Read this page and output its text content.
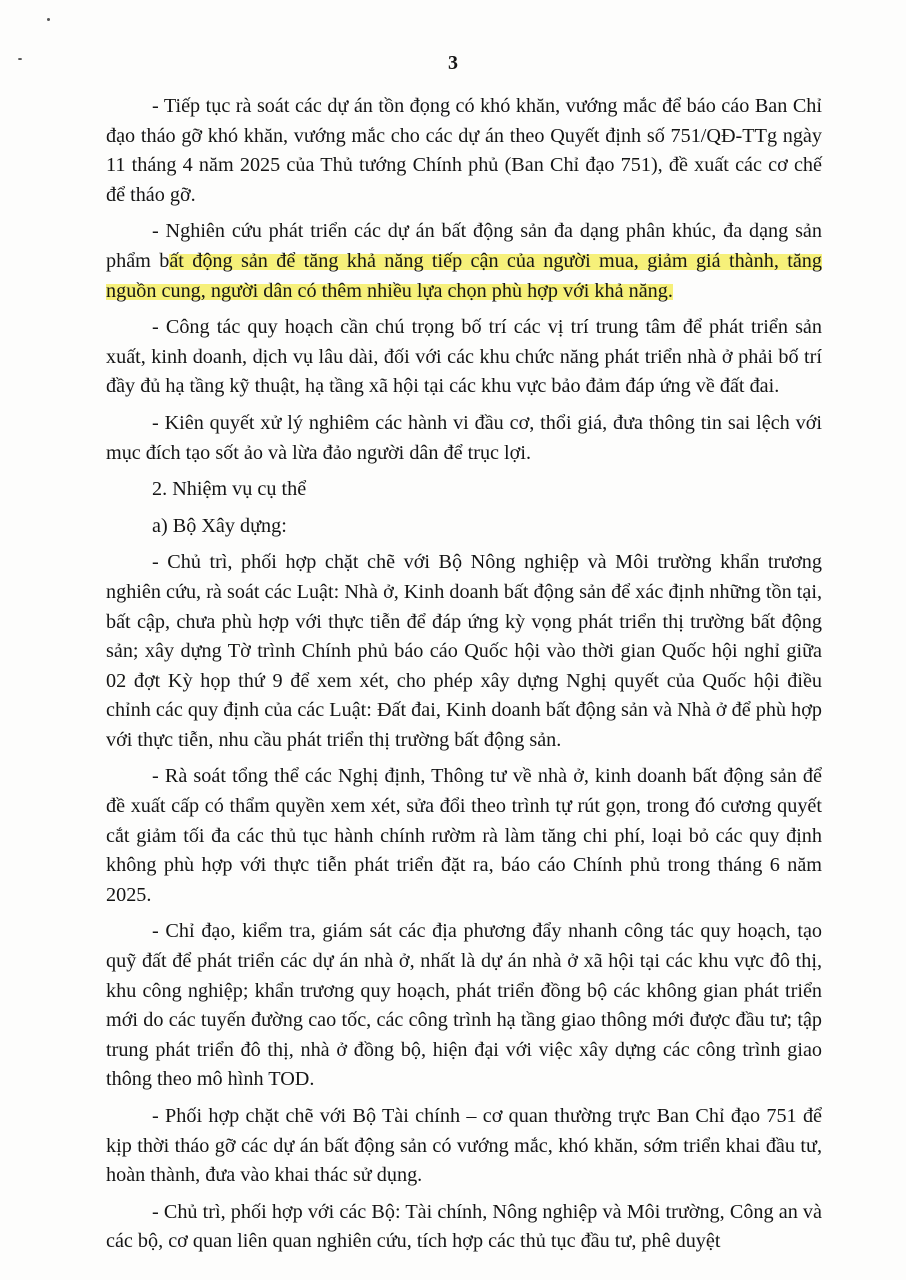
3

- Tiếp tục rà soát các dự án tồn đọng có khó khăn, vướng mắc để báo cáo Ban Chỉ đạo tháo gỡ khó khăn, vướng mắc cho các dự án theo Quyết định số 751/QĐ-TTg ngày 11 tháng 4 năm 2025 của Thủ tướng Chính phủ (Ban Chỉ đạo 751), đề xuất các cơ chế để tháo gỡ.

- Nghiên cứu phát triển các dự án bất động sản đa dạng phân khúc, đa dạng sản phẩm bất động sản để tăng khả năng tiếp cận của người mua, giảm giá thành, tăng nguồn cung, người dân có thêm nhiều lựa chọn phù hợp với khả năng.

- Công tác quy hoạch cần chú trọng bố trí các vị trí trung tâm để phát triển sản xuất, kinh doanh, dịch vụ lâu dài, đối với các khu chức năng phát triển nhà ở phải bố trí đầy đủ hạ tầng kỹ thuật, hạ tầng xã hội tại các khu vực bảo đảm đáp ứng về đất đai.

- Kiên quyết xử lý nghiêm các hành vi đầu cơ, thổi giá, đưa thông tin sai lệch với mục đích tạo sốt ảo và lừa đảo người dân để trục lợi.

2. Nhiệm vụ cụ thể

a) Bộ Xây dựng:

- Chủ trì, phối hợp chặt chẽ với Bộ Nông nghiệp và Môi trường khẩn trương nghiên cứu, rà soát các Luật: Nhà ở, Kinh doanh bất động sản để xác định những tồn tại, bất cập, chưa phù hợp với thực tiễn để đáp ứng kỳ vọng phát triển thị trường bất động sản; xây dựng Tờ trình Chính phủ báo cáo Quốc hội vào thời gian Quốc hội nghỉ giữa 02 đợt Kỳ họp thứ 9 để xem xét, cho phép xây dựng Nghị quyết của Quốc hội điều chỉnh các quy định của các Luật: Đất đai, Kinh doanh bất động sản và Nhà ở để phù hợp với thực tiễn, nhu cầu phát triển thị trường bất động sản.

- Rà soát tổng thể các Nghị định, Thông tư về nhà ở, kinh doanh bất động sản để đề xuất cấp có thẩm quyền xem xét, sửa đổi theo trình tự rút gọn, trong đó cương quyết cắt giảm tối đa các thủ tục hành chính rườm rà làm tăng chi phí, loại bỏ các quy định không phù hợp với thực tiễn phát triển đặt ra, báo cáo Chính phủ trong tháng 6 năm 2025.

- Chỉ đạo, kiểm tra, giám sát các địa phương đẩy nhanh công tác quy hoạch, tạo quỹ đất để phát triển các dự án nhà ở, nhất là dự án nhà ở xã hội tại các khu vực đô thị, khu công nghiệp; khẩn trương quy hoạch, phát triển đồng bộ các không gian phát triển mới do các tuyến đường cao tốc, các công trình hạ tầng giao thông mới được đầu tư; tập trung phát triển đô thị, nhà ở đồng bộ, hiện đại với việc xây dựng các công trình giao thông theo mô hình TOD.

- Phối hợp chặt chẽ với Bộ Tài chính – cơ quan thường trực Ban Chỉ đạo 751 để kịp thời tháo gỡ các dự án bất động sản có vướng mắc, khó khăn, sớm triển khai đầu tư, hoàn thành, đưa vào khai thác sử dụng.

- Chủ trì, phối hợp với các Bộ: Tài chính, Nông nghiệp và Môi trường, Công an và các bộ, cơ quan liên quan nghiên cứu, tích hợp các thủ tục đầu tư, phê duyệt
